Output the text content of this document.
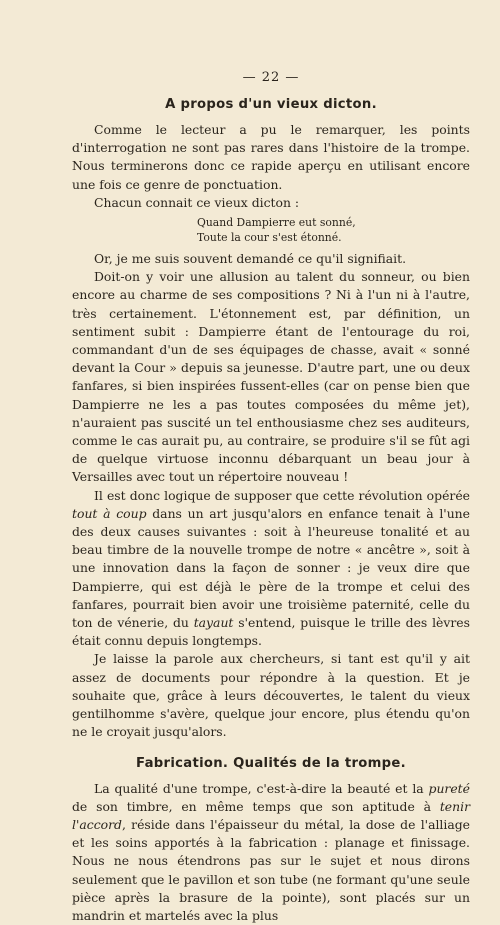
— 22 —
A propos d'un vieux dicton.

Comme le lecteur a pu le remarquer, les points d'interrogation ne sont pas rares dans l'histoire de la trompe. Nous terminerons donc ce rapide aperçu en utilisant encore une fois ce genre de ponctuation.

Chacun connait ce vieux dicton :

Quand Dampierre eut sonné,
Toute la cour s'est étonné.

Or, je me suis souvent demandé ce qu'il signifiait.

Doit-on y voir une allusion au talent du sonneur, ou bien encore au charme de ses compositions ? Ni à l'un ni à l'autre, très certainement. L'étonnement est, par définition, un sentiment subit : Dampierre étant de l'entourage du roi, commandant d'un de ses équipages de chasse, avait « sonné devant la Cour » depuis sa jeunesse. D'autre part, une ou deux fanfares, si bien inspirées fussent-elles (car on pense bien que Dampierre ne les a pas toutes composées du même jet), n'auraient pas suscité un tel enthousiasme chez ses auditeurs, comme le cas aurait pu, au contraire, se produire s'il se fût agi de quelque virtuose inconnu débarquant un beau jour à Versailles avec tout un répertoire nouveau !

Il est donc logique de supposer que cette révolution opérée tout à coup dans un art jusqu'alors en enfance tenait à l'une des deux causes suivantes : soit à l'heureuse tonalité et au beau timbre de la nouvelle trompe de notre « ancêtre », soit à une innovation dans la façon de sonner : je veux dire que Dampierre, qui est déjà le père de la trompe et celui des fanfares, pourrait bien avoir une troisième paternité, celle du ton de vénerie, du tayaut s'entend, puisque le trille des lèvres était connu depuis longtemps.

Je laisse la parole aux chercheurs, si tant est qu'il y ait assez de documents pour répondre à la question. Et je souhaite que, grâce à leurs découvertes, le talent du vieux gentilhomme s'avère, quelque jour encore, plus étendu qu'on ne le croyait jusqu'alors.

Fabrication. Qualités de la trompe.

La qualité d'une trompe, c'est-à-dire la beauté et la pureté de son timbre, en même temps que son aptitude à tenir l'accord, réside dans l'épaisseur du métal, la dose de l'alliage et les soins apportés à la fabrication : planage et finissage. Nous ne nous étendrons pas sur le sujet et nous dirons seulement que le pavillon et son tube (ne formant qu'une seule pièce après la brasure de la pointe), sont placés sur un mandrin et martelés avec la plus
